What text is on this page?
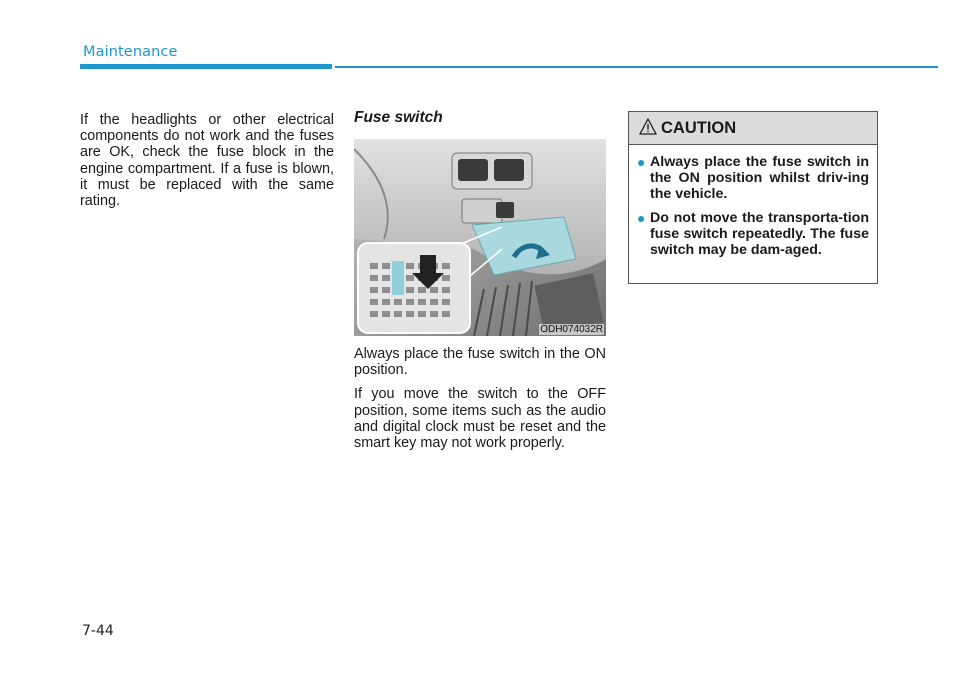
Maintenance

If the headlights or other electrical components do not work and the fuses are OK, check the fuse block in the engine compartment. If a fuse is blown, it must be replaced with the same rating.

Fuse switch
ODH074032R

Always place the fuse switch in the ON position.

If you move the switch to the OFF position, some items such as the audio and digital clock must be reset and the smart key may not work properly.

CAUTION
● Always place the fuse switch in the ON position whilst driv-ing the vehicle.
● Do not move the transporta-tion fuse switch repeatedly. The fuse switch may be dam-aged.
7-44
